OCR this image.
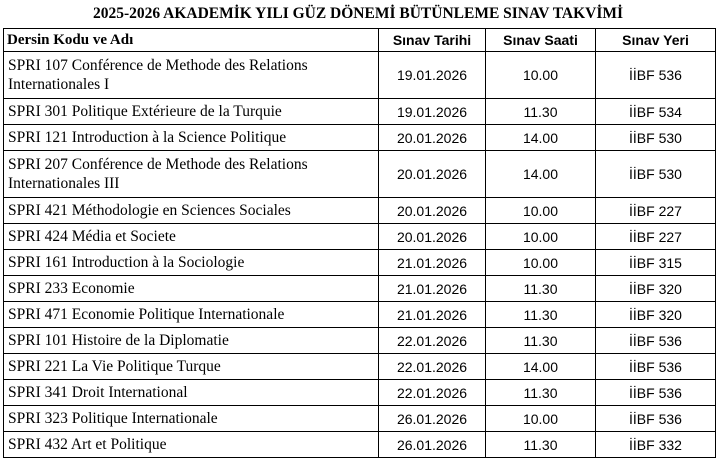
2025-2026 AKADEMİK YILI GÜZ DÖNEMİ BÜTÜNLEME SINAV TAKVİMİ
Dersin Kodu ve Adı	Sınav Tarihi	Sınav Saati	Sınav Yeri
SPRI 107 Conférence de Methode des Relations Internationales I	19.01.2026	10.00	İİBF 536
SPRI 301 Politique Extérieure de la Turquie	19.01.2026	11.30	İİBF 534
SPRI 121 Introduction à la Science Politique	20.01.2026	14.00	İİBF 530
SPRI 207 Conférence de Methode des Relations Internationales III	20.01.2026	14.00	İİBF 530
SPRI 421 Méthodologie en Sciences Sociales	20.01.2026	10.00	İİBF 227
SPRI 424 Média et Societe	20.01.2026	10.00	İİBF 227
SPRI 161 Introduction à la Sociologie	21.01.2026	10.00	İİBF 315
SPRI 233 Economie	21.01.2026	11.30	İİBF 320
SPRI 471 Economie Politique Internationale	21.01.2026	11.30	İİBF 320
SPRI 101 Histoire de la Diplomatie	22.01.2026	11.30	İİBF 536
SPRI 221 La Vie Politique Turque	22.01.2026	14.00	İİBF 536
SPRI 341 Droit International	22.01.2026	11.30	İİBF 536
SPRI 323 Politique Internationale	26.01.2026	10.00	İİBF 536
SPRI 432 Art et Politique	26.01.2026	11.30	İİBF 332
